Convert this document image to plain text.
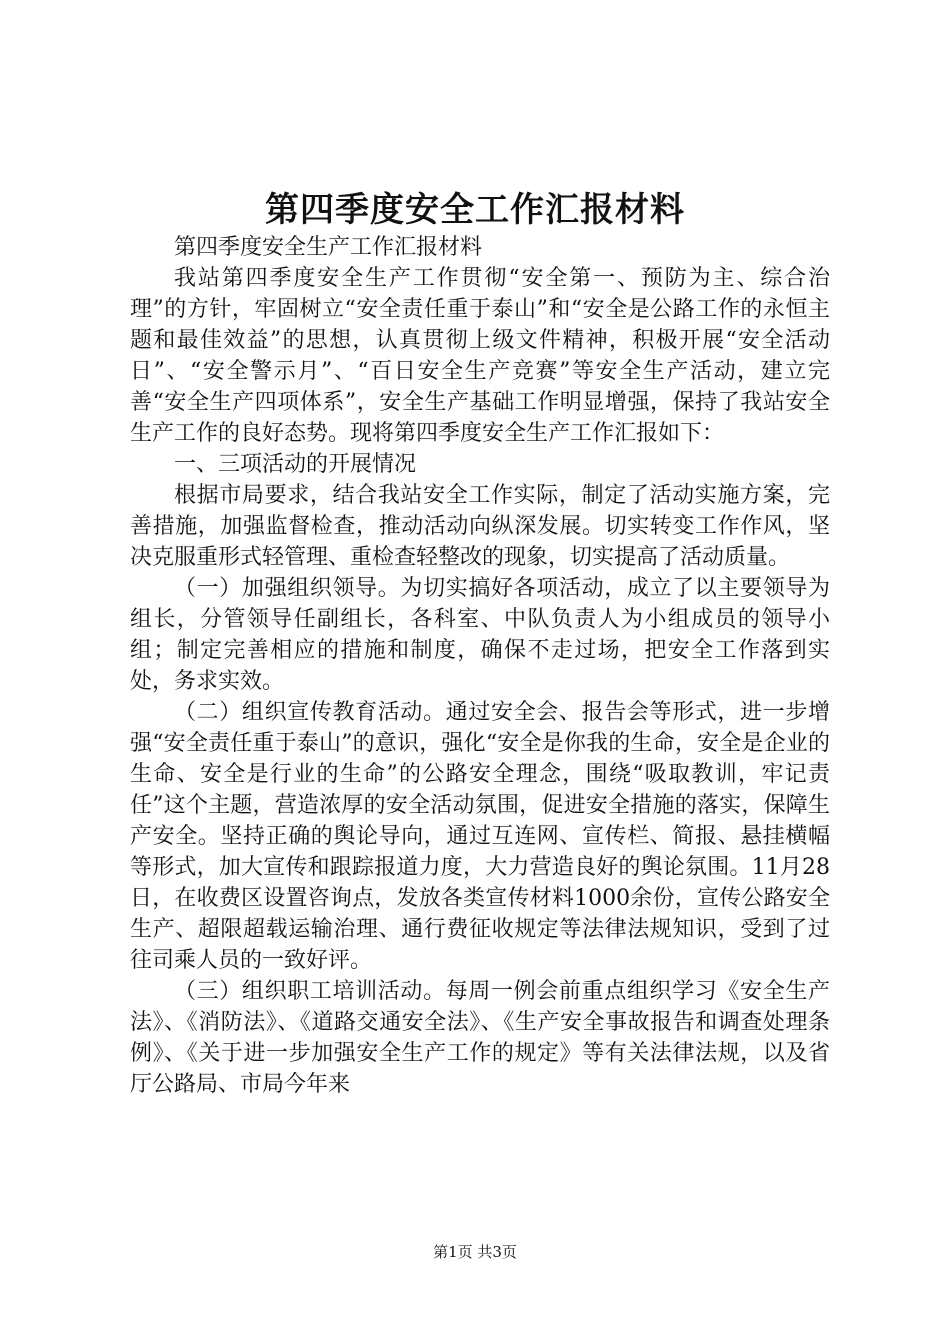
第四季度安全工作汇报材料

第四季度安全生产工作汇报材料

我站第四季度安全生产工作贯彻“安全第一、预防为主、综合治理”的方针，牢固树立“安全责任重于泰山”和“安全是公路工作的永恒主题和最佳效益”的思想，认真贯彻上级文件精神，积极开展“安全活动日”、“安全警示月”、“百日安全生产竞赛”等安全生产活动，建立完善“安全生产四项体系”，安全生产基础工作明显增强，保持了我站安全生产工作的良好态势。现将第四季度安全生产工作汇报如下：

一、三项活动的开展情况

根据市局要求，结合我站安全工作实际，制定了活动实施方案，完善措施，加强监督检查，推动活动向纵深发展。切实转变工作作风，坚决克服重形式轻管理、重检查轻整改的现象，切实提高了活动质量。

（一）加强组织领导。为切实搞好各项活动，成立了以主要领导为组长，分管领导任副组长，各科室、中队负责人为小组成员的领导小组；制定完善相应的措施和制度，确保不走过场，把安全工作落到实处，务求实效。

（二）组织宣传教育活动。通过安全会、报告会等形式，进一步增强“安全责任重于泰山”的意识，强化“安全是你我的生命，安全是企业的生命、安全是行业的生命”的公路安全理念，围绕“吸取教训，牢记责任”这个主题，营造浓厚的安全活动氛围，促进安全措施的落实，保障生产安全。坚持正确的舆论导向，通过互连网、宣传栏、简报、悬挂横幅等形式，加大宣传和跟踪报道力度，大力营造良好的舆论氛围。11月28日，在收费区设置咨询点，发放各类宣传材料1000余份，宣传公路安全生产、超限超载运输治理、通行费征收规定等法律法规知识，受到了过往司乘人员的一致好评。

（三）组织职工培训活动。每周一例会前重点组织学习《安全生产法》、《消防法》、《道路交通安全法》、《生产安全事故报告和调查处理条例》、《关于进一步加强安全生产工作的规定》等有关法律法规，以及省厅公路局、市局今年来

第1页 共3页
